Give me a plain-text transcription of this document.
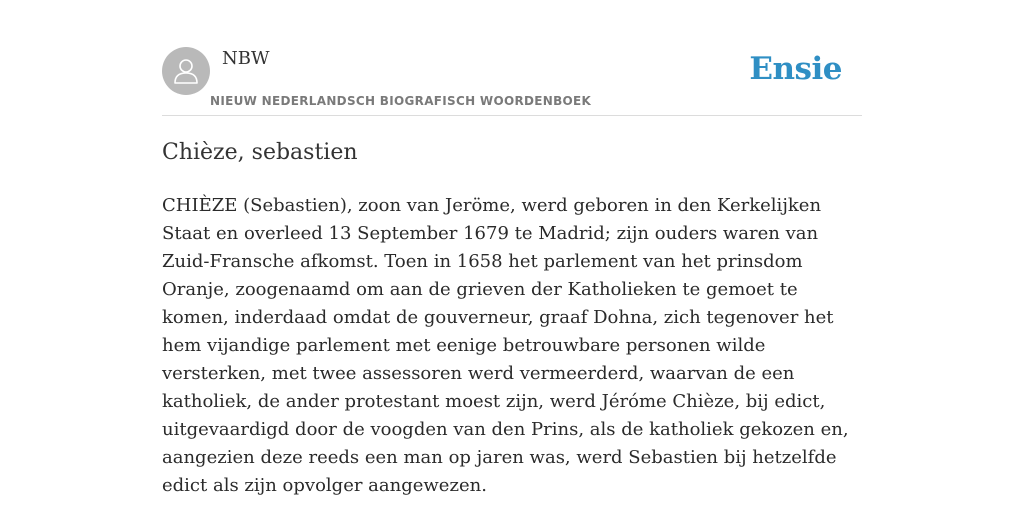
NBW
NIEUW NEDERLANDSCH BIOGRAFISCH WOORDENBOEK
Ensie
Chièze, sebastien

CHIÈZE (Sebastien), zoon van Jeröme, werd geboren in den Kerkelijken Staat en overleed 13 September 1679 te Madrid; zijn ouders waren van Zuid-Fransche afkomst. Toen in 1658 het parlement van het prinsdom Oranje, zoogenaamd om aan de grieven der Katholieken te gemoet te komen, inderdaad omdat de gouverneur, graaf Dohna, zich tegenover het hem vijandige parlement met eenige betrouwbare personen wilde versterken, met twee assessoren werd vermeerderd, waarvan de een katholiek, de ander protestant moest zijn, werd Jéróme Chièze, bij edict, uitgevaardigd door de voogden van den Prins, als de katholiek gekozen en, aangezien deze reeds een man op jaren was, werd Sebastien bij hetzelfde edict als zijn opvolger aangewezen.
